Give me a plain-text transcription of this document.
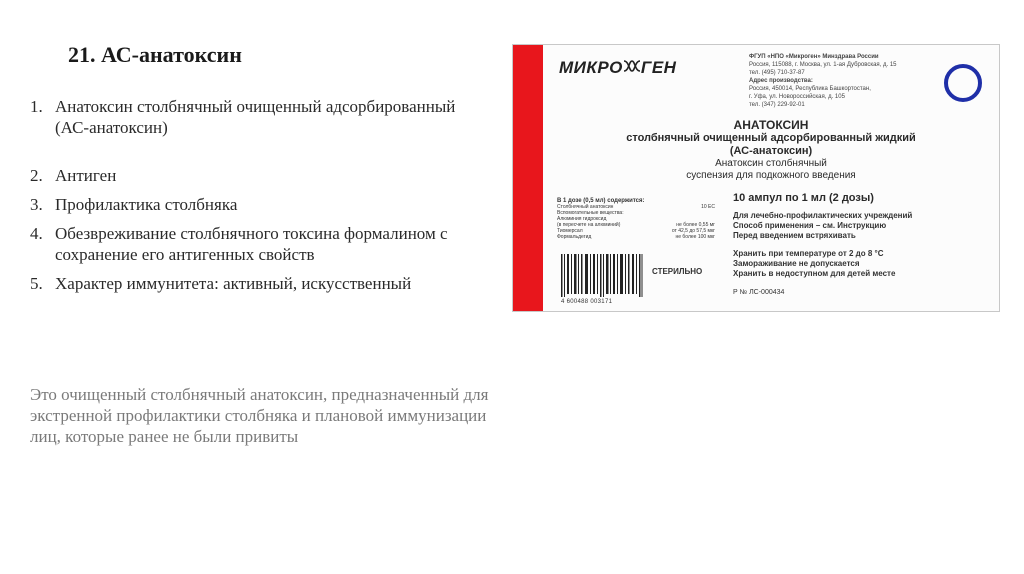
21. АС-анатоксин
1. Анатоксин столбнячный очищенный адсорбированный (АС-анатоксин)
2. Антиген
3. Профилактика столбняка
4. Обезвреживание столбнячного токсина формалином с сохранение его антигенных свойств
5. Характер иммунитета: активный, искусственный
Это очищенный столбнячный анатоксин, предназначенный для экстренной профилактики столбняка и плановой иммунизации лиц, которые ранее не были привиты
МИКРО ГЕН
ФГУП «НПО «Микроген» Минздрава России
Россия, 115088, г. Москва, ул. 1-ая Дубровская, д. 15
тел. (495) 710-37-87
Адрес производства:
Россия, 450014, Республика Башкортостан,
г. Уфа, ул. Новороссийская, д. 105
тел. (347) 229-92-01
АНАТОКСИН
столбнячный очищенный адсорбированный жидкий
(АС-анатоксин)
Анатоксин столбнячный
суспензия для подкожного введения
В 1 дозе (0,5 мл) содержится:
Столбнячный анатоксин	10 ЕС
Вспомогательные вещества:
Алюминия гидроксид
(в пересчете на алюминий)	не более 0,55 мг
Тиомерсал	от 42,5 до 57,5 мкг
Формальдегид	не более 100 мкг
10 ампул по 1 мл (2 дозы)
Для лечебно-профилактических учреждений
Способ применения – см. Инструкцию
Перед введением встряхивать
Хранить при температуре от 2 до 8 °С
Замораживание не допускается
Хранить в недоступном для детей месте
СТЕРИЛЬНО
Р № ЛС-000434
4 600488 003171
